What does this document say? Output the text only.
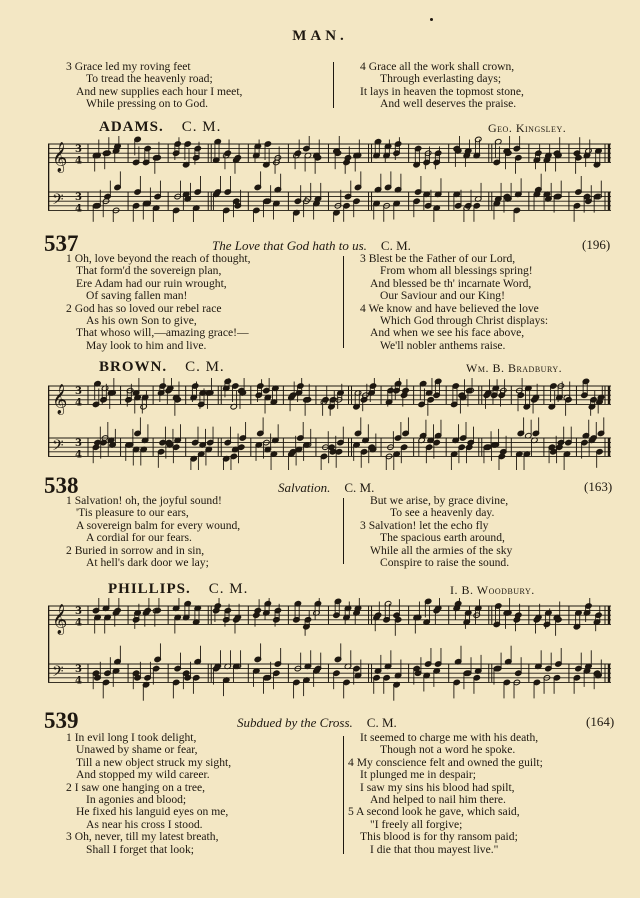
MAN.
3 Grace led my roving feet
To tread the heavenly road;
And new supplies each hour I meet,
While pressing on to God.
4 Grace all the work shall crown,
Through everlasting days;
It lays in heaven the topmost stone,
And well deserves the praise.
ADAMS. C. M.	Geo. Kingsley.
𝄞 3
4
𝄢 3
4
537	The Love that God hath to us. C. M.	(196)
1 Oh, love beyond the reach of thought,
That form'd the sovereign plan,
Ere Adam had our ruin wrought,
Of saving fallen man!
2 God has so loved our rebel race
As his own Son to give,
That whoso will,—amazing grace!—
May look to him and live.
3 Blest be the Father of our Lord,
From whom all blessings spring!
And blessed be th' incarnate Word,
Our Saviour and our King!
4 We know and have believed the love
Which God through Christ displays:
And when we see his face above,
We'll nobler anthems raise.
BROWN. C. M.	Wm. B. Bradbury.
𝄞 3
4
𝄢 3
4
538	Salvation. C. M.	(163)
1 Salvation! oh, the joyful sound!
'Tis pleasure to our ears,
A sovereign balm for every wound,
A cordial for our fears.
2 Buried in sorrow and in sin,
At hell's dark door we lay;
But we arise, by grace divine,
To see a heavenly day.
3 Salvation! let the echo fly
The spacious earth around,
While all the armies of the sky
Conspire to raise the sound.
PHILLIPS. C. M.	I. B. Woodbury.
𝄞 3
4
𝄢 3
4
539	Subdued by the Cross. C. M.	(164)
1 In evil long I took delight,
Unawed by shame or fear,
Till a new object struck my sight,
And stopped my wild career.
2 I saw one hanging on a tree,
In agonies and blood;
He fixed his languid eyes on me,
As near his cross I stood.
3 Oh, never, till my latest breath,
Shall I forget that look;
It seemed to charge me with his death,
Though not a word he spoke.
4 My conscience felt and owned the guilt;
It plunged me in despair;
I saw my sins his blood had spilt,
And helped to nail him there.
5 A second look he gave, which said,
"I freely all forgive;
This blood is for thy ransom paid;
I die that thou mayest live."
